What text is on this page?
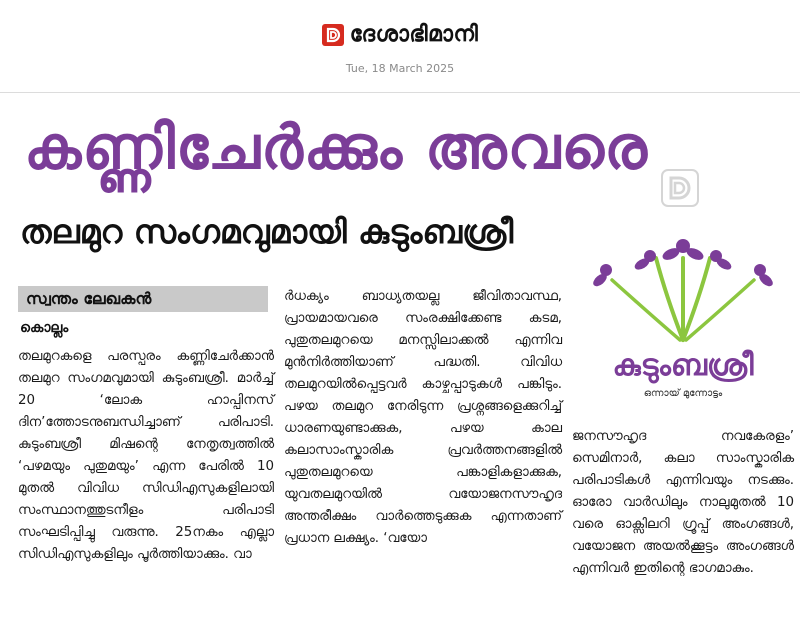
ദേശാഭിമാനി
Tue, 18 March 2025
കണ്ണിചേർക്കും അവരെ
തലമുറ സംഗമവുമായി കുടുംബശ്രീ
സ്വന്തം ലേഖകൻ
കൊല്ലം
തലമുറകളെ പരസ്പരം കണ്ണിചേർക്കാൻ തലമുറ സംഗമവുമായി കുടുംബശ്രീ. മാർച്ച് 20 ‘ലോക ഹാപ്പിനസ് ദിന’ത്തോടനുബന്ധിച്ചാണ് പരിപാടി. കുടുംബശ്രീ മിഷന്റെ നേതൃത്വത്തിൽ ‘പഴമയും പുതുമയും’ എന്ന പേരിൽ 10 മുതൽ വിവിധ സിഡിഎസുകളിലായി സംസ്ഥാനത്തുടനീളം പരിപാടി സംഘടിപ്പിച്ചു വരുന്നു. 25നകം എല്ലാ സിഡിഎസുകളിലും പൂർത്തിയാക്കും. വാ
ർധക്യം ബാധ്യതയല്ല ജീവിതാവസ്ഥ, പ്രായമായവരെ സംരക്ഷിക്കേണ്ട കടമ, പുതുതലമുറയെ മനസ്സിലാക്കൽ എന്നിവ മുൻനിർത്തിയാണ് പദ്ധതി. വിവിധ തലമുറയിൽപ്പെട്ടവർ കാഴ്ചപ്പാടുകൾ പങ്കിടും. പഴയ തലമുറ നേരിടുന്ന പ്രശ്നങ്ങളെക്കുറിച്ച് ധാരണയുണ്ടാക്കുക, പഴയ കാല കലാസാംസ്കാരിക പ്രവർത്തനങ്ങളിൽ പുതുതലമുറയെ പങ്കാളികളാക്കുക, യുവതലമുറയിൽ വയോജനസൗഹൃദ അന്തരീക്ഷം വാർത്തെടുക്കുക എന്നതാണ് പ്രധാന ലക്ഷ്യം. ‘വയോ
കുടുംബശ്രീ
ഒന്നായ് മുന്നോട്ടം
ജനസൗഹൃദ നവകേരളം’ സെമിനാർ, കലാ സാംസ്കാരിക പരിപാടികൾ എന്നിവയും നടക്കും. ഓരോ വാർഡിലും നാലുമുതൽ 10 വരെ ഓക്സിലറി ഗ്രൂപ്പ് അംഗങ്ങൾ, വയോജന അയൽക്കൂട്ടം അംഗങ്ങൾ എന്നിവർ ഇതിന്റെ ഭാഗമാകും.
